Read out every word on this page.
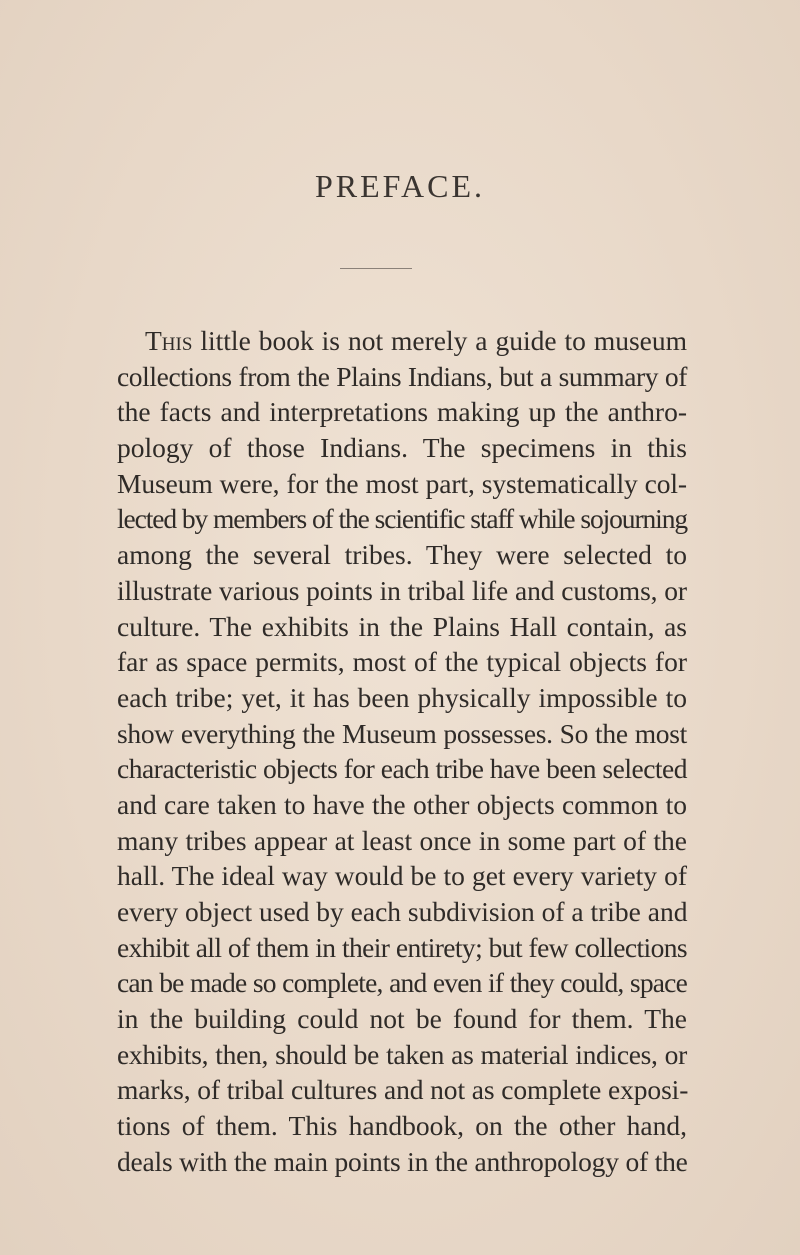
PREFACE.
This little book is not merely a guide to museum
collections from the Plains Indians, but a summary of
the facts and interpretations making up the anthro-
pology of those Indians. The specimens in this
Museum were, for the most part, systematically col-
lected by members of the scientific staff while sojourning
among the several tribes. They were selected to
illustrate various points in tribal life and customs, or
culture. The exhibits in the Plains Hall contain, as
far as space permits, most of the typical objects for
each tribe; yet, it has been physically impossible to
show everything the Museum possesses. So the most
characteristic objects for each tribe have been selected
and care taken to have the other objects common to
many tribes appear at least once in some part of the
hall. The ideal way would be to get every variety of
every object used by each subdivision of a tribe and
exhibit all of them in their entirety; but few collections
can be made so complete, and even if they could, space
in the building could not be found for them. The
exhibits, then, should be taken as material indices, or
marks, of tribal cultures and not as complete exposi-
tions of them. This handbook, on the other hand,
deals with the main points in the anthropology of the
